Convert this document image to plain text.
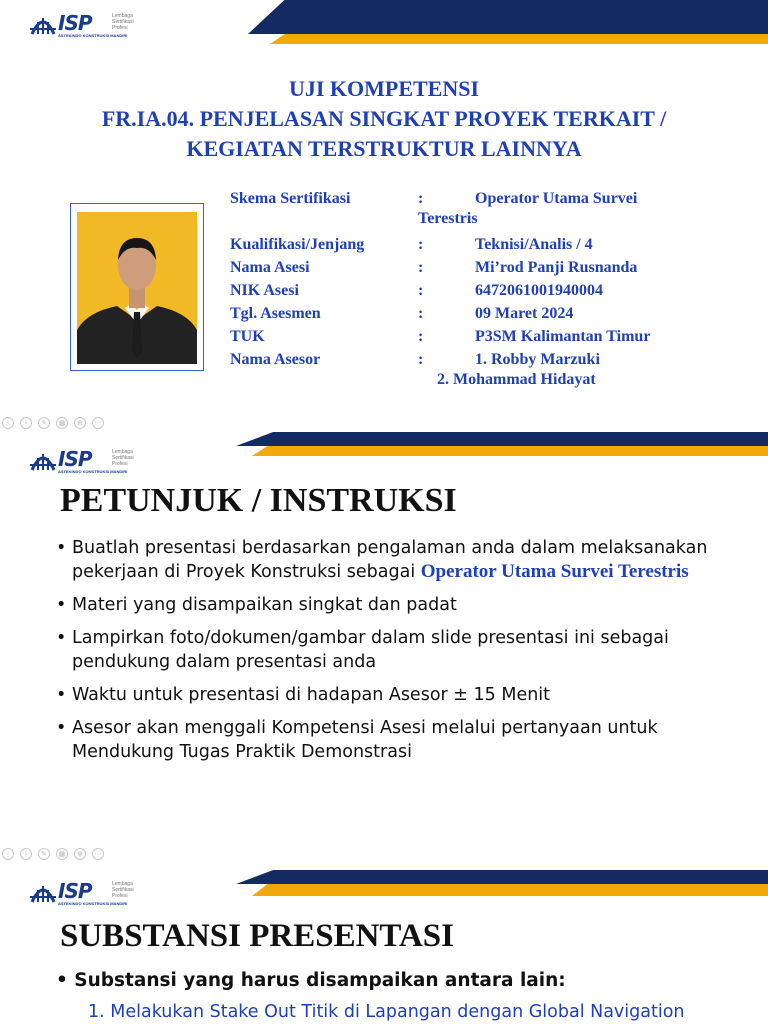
ISP	Lembaga
Sertifikasi
Profesi
ASTEKINDO KONSTRUKSI MANDIRI
UJI KOMPETENSI
FR.IA.04. PENJELASAN SINGKAT PROYEK TERKAIT /
KEGIATAN TERSTRUKTUR LAINNYA
Skema Sertifikasi	:	Operator Utama Survei
Terestris
Kualifikasi/Jenjang	:	Teknisi/Analis / 4
Nama Asesi	:	Mi’rod Panji Rusnanda
NIK Asesi	:	6472061001940004
Tgl. Asesmen	:	09 Maret 2024
TUK	:	P3SM Kalimantan Timur
Nama Asesor	:	1. Robby Marzuki
2. Mohammad Hidayat
‹	›	✎	▦	⊕	⋯
ISP	Lembaga
Sertifikasi
Profesi
ASTEKINDO KONSTRUKSI MANDIRI
PETUNJUK / INSTRUKSI
• Buatlah presentasi berdasarkan pengalaman anda dalam melaksanakan pekerjaan di Proyek Konstruksi sebagai Operator Utama Survei Terestris
• Materi yang disampaikan singkat dan padat
• Lampirkan foto/dokumen/gambar dalam slide presentasi ini sebagai pendukung dalam presentasi anda
• Waktu untuk presentasi di hadapan Asesor ± 15 Menit
• Asesor akan menggali Kompetensi Asesi melalui pertanyaan untuk Mendukung Tugas Praktik Demonstrasi
‹	›	✎	▦	⊕	⋯
ISP	Lembaga
Sertifikasi
Profesi
ASTEKINDO KONSTRUKSI MANDIRI
SUBSTANSI PRESENTASI
• Substansi yang harus disampaikan antara lain:
1. Melakukan Stake Out Titik di Lapangan dengan Global Navigation
